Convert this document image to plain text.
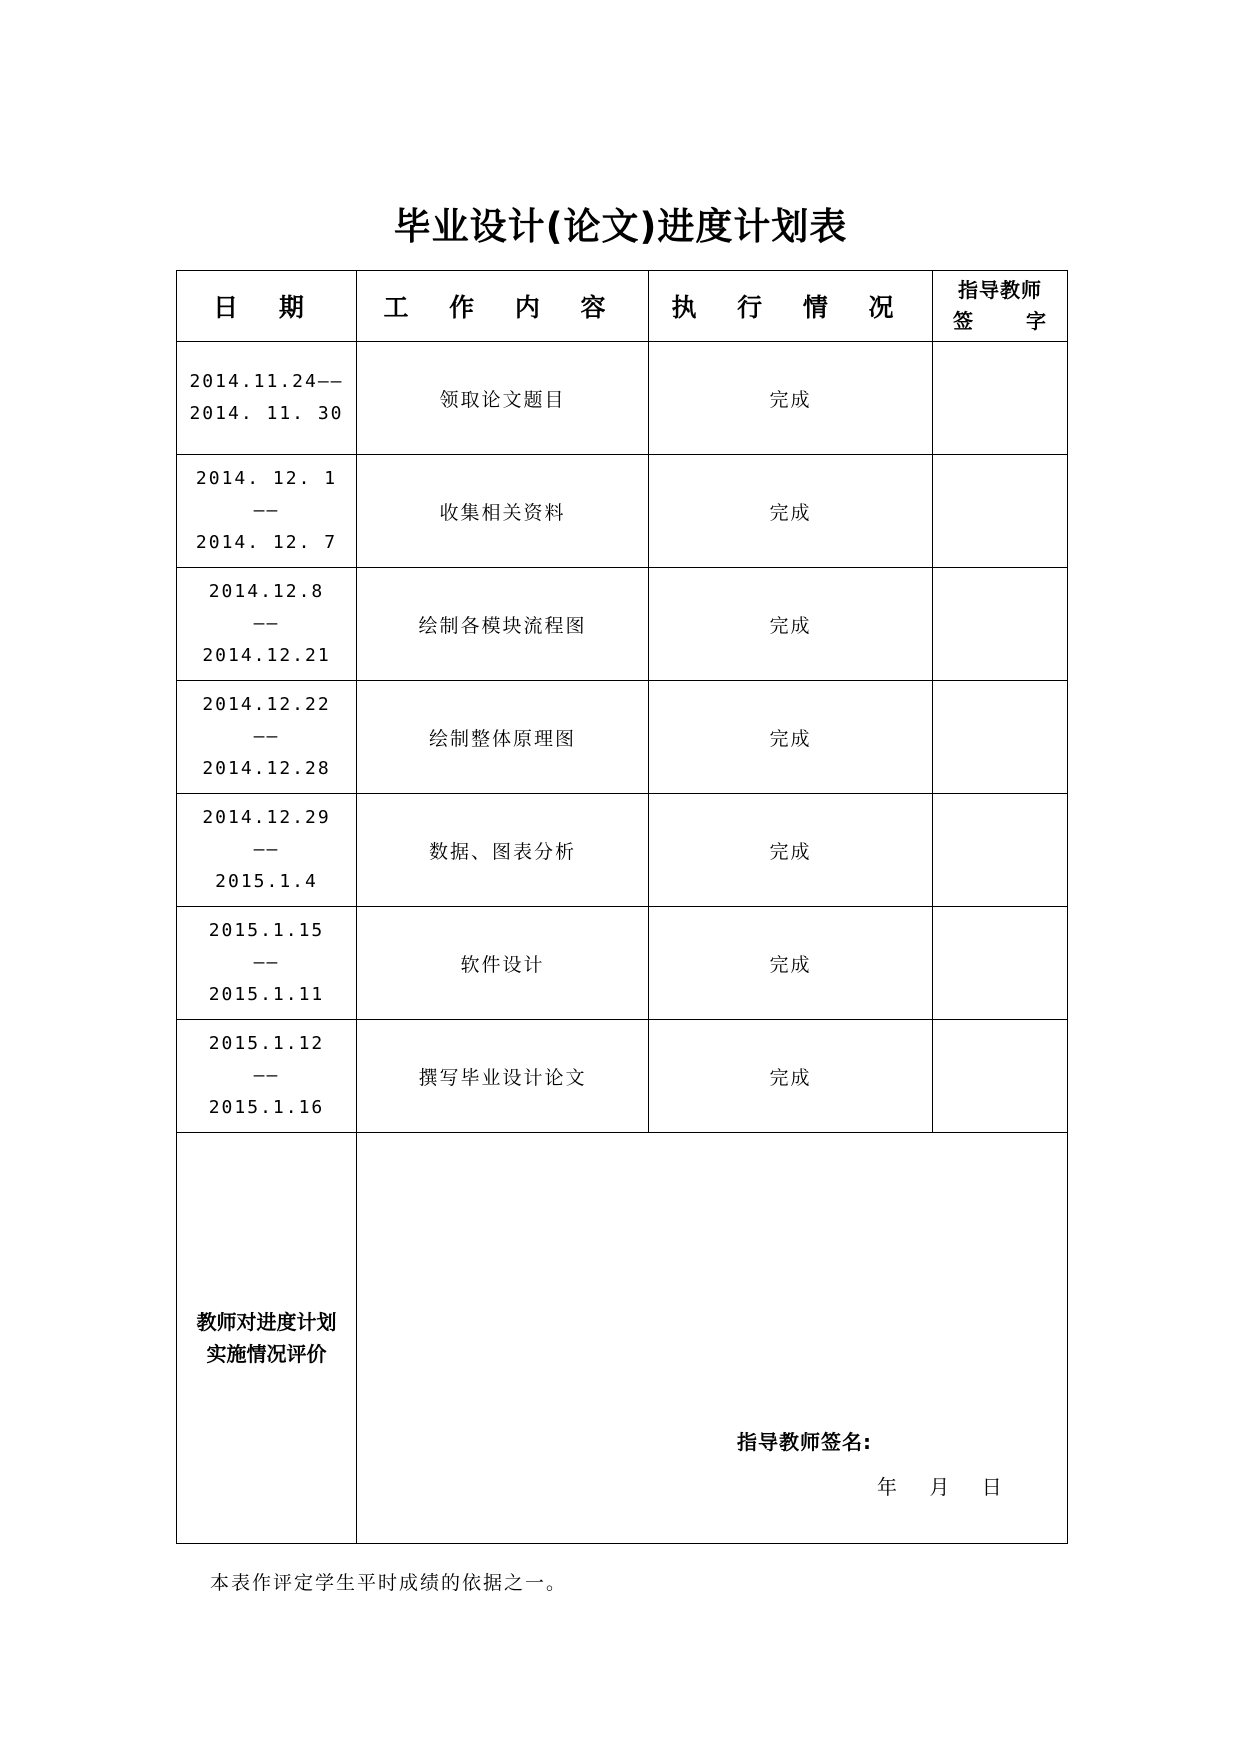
毕业设计(论文)进度计划表
日 期	工 作 内 容	执 行 情 况	指导教师

签 字

2014.11.24——
2014. 11. 30	领取论文题目	完成	

2014. 12. 1
——
2014. 12. 7	收集相关资料	完成	

2014.12.8
——
2014.12.21	绘制各模块流程图	完成	

2014.12.22
——
2014.12.28	绘制整体原理图	完成	

2014.12.29
——
2015.1.4	数据、图表分析	完成	

2015.1.15
——
2015.1.11	软件设计	完成	

2015.1.12
——
2015.1.16	撰写毕业设计论文	完成	
教师对进度计划
实施情况评价	指导教师签名:
年 月 日		
本表作评定学生平时成绩的依据之一。
